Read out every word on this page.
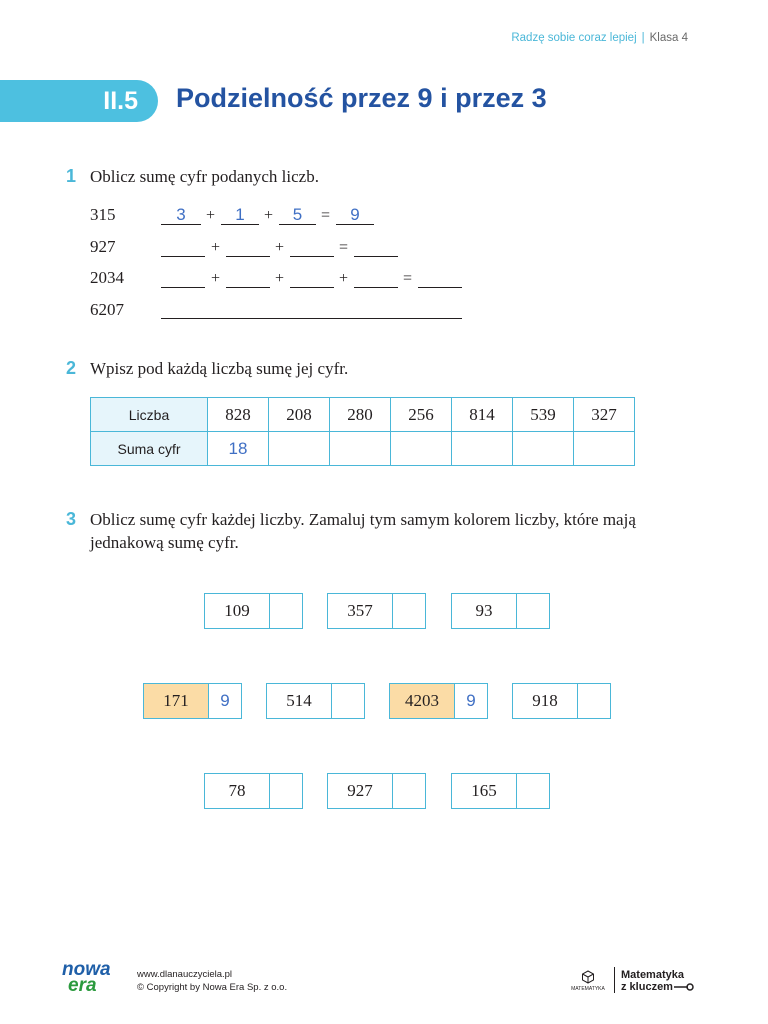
Radzę sobie coraz lepiej | Klasa 4
II.5 Podzielność przez 9 i przez 3
1 Oblicz sumę cyfr podanych liczb.
315	3	+	1	+	5	=	9
927	+	+	=
2034	+	+	+	=
6207
2 Wpisz pod każdą liczbą sumę jej cyfr.
Liczba	828	208	280	256	814	539	327
Suma cyfr	18						
3 Oblicz sumę cyfr każdej liczby. Zamaluj tym samym kolorem liczby, które mają
jednakową sumę cyfr.
109	357	93
171	9	514	4203	9	918
78	927	165
nowa
era
www.dlanauczyciela.pl
© Copyright by Nowa Era Sp. z o.o.	MATEMATYKA
Matematyka
z kluczem
